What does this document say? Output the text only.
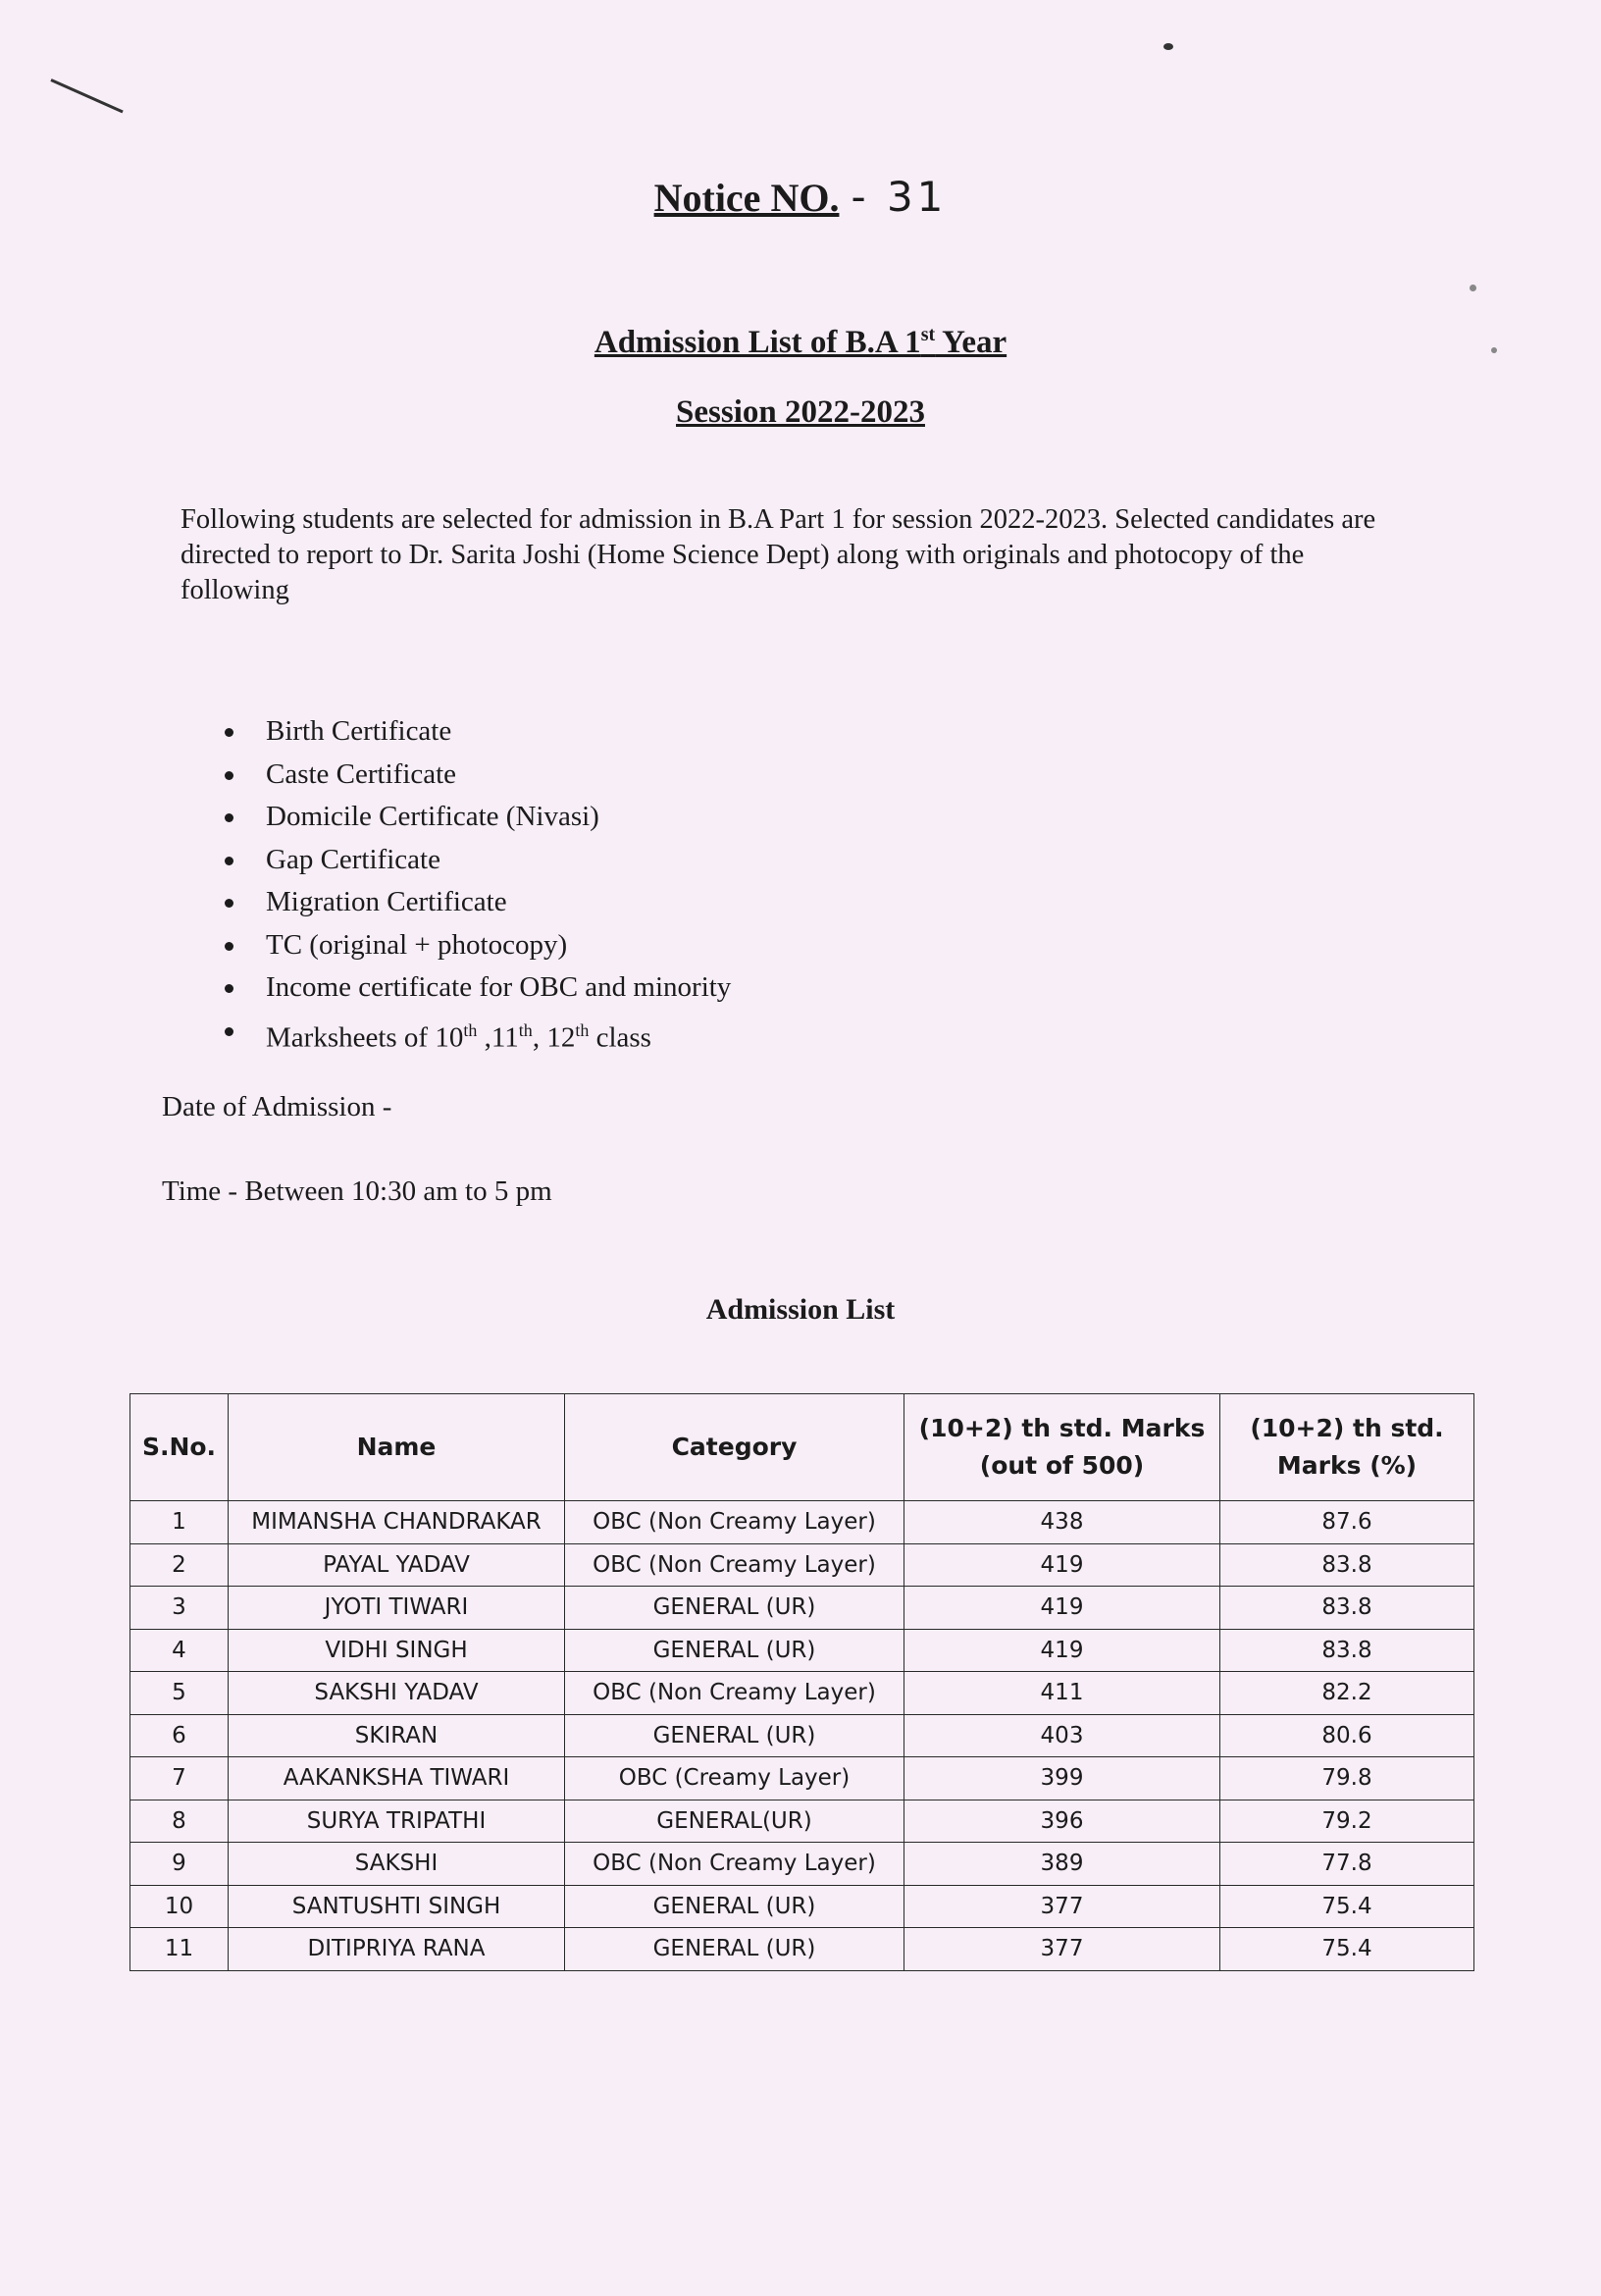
Notice NO. - 31
Admission List of B.A 1st Year
Session 2022-2023
Following students are selected for admission in B.A Part 1 for session 2022-2023. Selected candidates are directed to report to Dr. Sarita Joshi (Home Science Dept) along with originals and photocopy of the following
Birth Certificate
Caste Certificate
Domicile Certificate (Nivasi)
Gap Certificate
Migration Certificate
TC (original + photocopy)
Income certificate for OBC and minority
Marksheets of 10th ,11th, 12th class
Date of Admission -
Time - Between 10:30 am to 5 pm
Admission List
S.No.	Name	Category	(10+2) th std. Marks (out of 500)	(10+2) th std. Marks (%)
1	MIMANSHA CHANDRAKAR	OBC (Non Creamy Layer)	438	87.6
2	PAYAL YADAV	OBC (Non Creamy Layer)	419	83.8
3	JYOTI TIWARI	GENERAL (UR)	419	83.8
4	VIDHI SINGH	GENERAL (UR)	419	83.8
5	SAKSHI YADAV	OBC (Non Creamy Layer)	411	82.2
6	SKIRAN	GENERAL (UR)	403	80.6
7	AAKANKSHA TIWARI	OBC (Creamy Layer)	399	79.8
8	SURYA TRIPATHI	GENERAL(UR)	396	79.2
9	SAKSHI	OBC (Non Creamy Layer)	389	77.8
10	SANTUSHTI SINGH	GENERAL (UR)	377	75.4
11	DITIPRIYA RANA	GENERAL (UR)	377	75.4
